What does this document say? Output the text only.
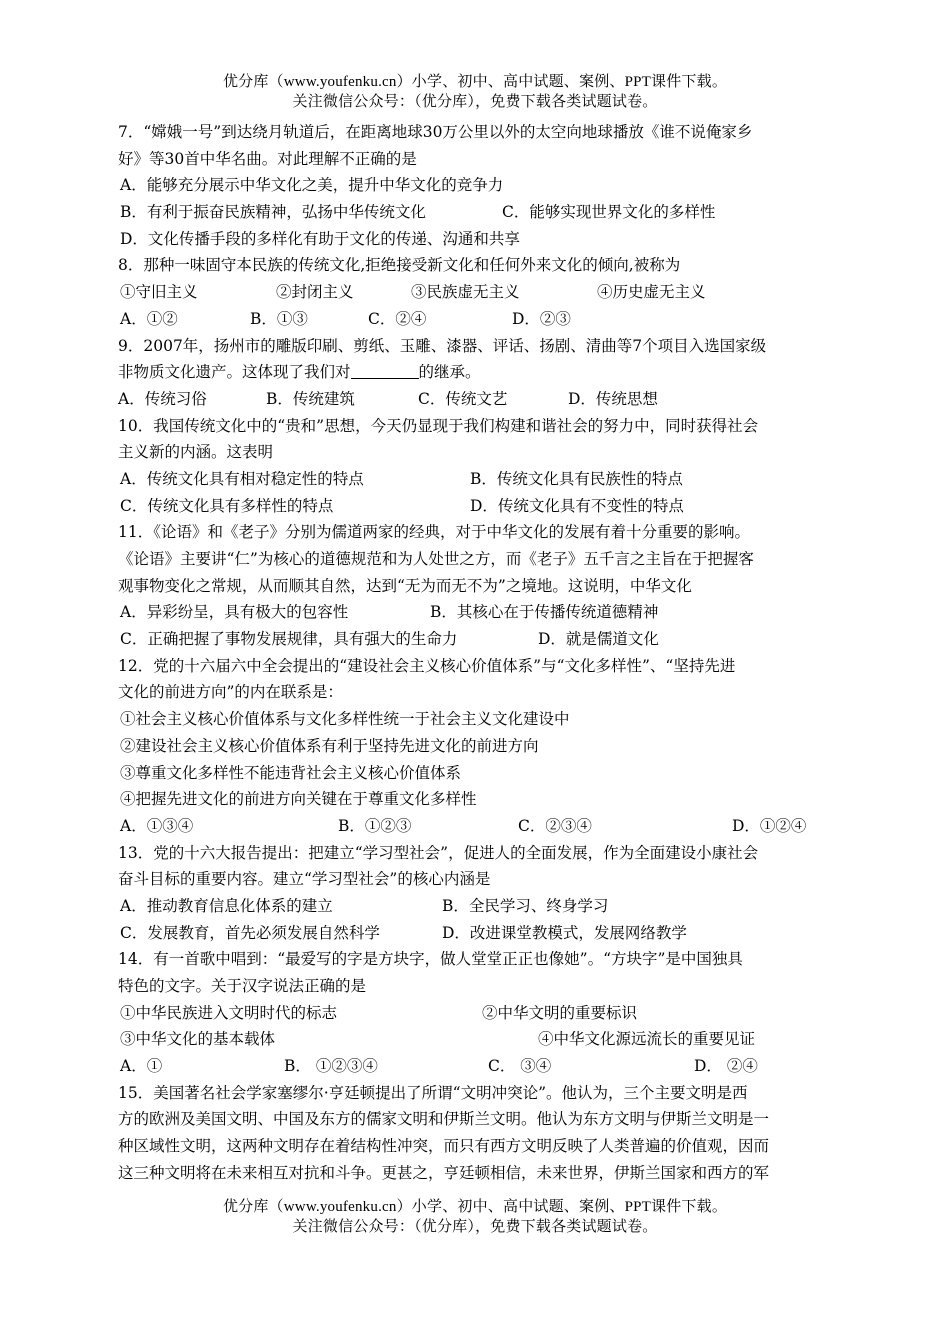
优分库（www.youfenku.cn）小学、初中、高中试题、案例、PPT课件下载。
关注微信公众号：（优分库），免费下载各类试题试卷。
7．“嫦娥一号”到达绕月轨道后，在距离地球30万公里以外的太空向地球播放《谁不说俺家乡
好》等30首中华名曲。对此理解不正确的是
A．能够充分展示中华文化之美，提升中华文化的竞争力
B．有利于振奋民族精神，弘扬中华传统文化	C．能够实现世界文化的多样性
D．文化传播手段的多样化有助于文化的传递、沟通和共享
8．那种一味固守本民族的传统文化,拒绝接受新文化和任何外来文化的倾向,被称为
①守旧主义	②封闭主义	③民族虚无主义	④历史虚无主义
A．①②	B．①③	C．②④	D．②③
9．2007年，扬州市的雕版印刷、剪纸、玉雕、漆器、评话、扬剧、清曲等7个项目入选国家级
非物质文化遗产。这体现了我们对	的继承。
A．传统习俗	B．传统建筑	C．传统文艺	D．传统思想
10．我国传统文化中的“贵和”思想，今天仍显现于我们构建和谐社会的努力中，同时获得社会
主义新的内涵。这表明
A．传统文化具有相对稳定性的特点	B．传统文化具有民族性的特点
C．传统文化具有多样性的特点	D．传统文化具有不变性的特点
11．《论语》和《老子》分别为儒道两家的经典，对于中华文化的发展有着十分重要的影响。
《论语》主要讲“仁”为核心的道德规范和为人处世之方，而《老子》五千言之主旨在于把握客
观事物变化之常规，从而顺其自然，达到“无为而无不为”之境地。这说明，中华文化
A．异彩纷呈，具有极大的包容性	B．其核心在于传播传统道德精神
C．正确把握了事物发展规律，具有强大的生命力	D．就是儒道文化
12．党的十六届六中全会提出的“建设社会主义核心价值体系”与“文化多样性”、“坚持先进
文化的前进方向”的内在联系是：
①社会主义核心价值体系与文化多样性统一于社会主义文化建设中
②建设社会主义核心价值体系有利于坚持先进文化的前进方向
③尊重文化多样性不能违背社会主义核心价值体系
④把握先进文化的前进方向关键在于尊重文化多样性
A．①③④	B．①②③	C．②③④	D．①②④
13．党的十六大报告提出：把建立“学习型社会”，促进人的全面发展，作为全面建设小康社会
奋斗目标的重要内容。建立“学习型社会”的核心内涵是
A．推动教育信息化体系的建立	B．全民学习、终身学习
C．发展教育，首先必须发展自然科学	D．改进课堂教模式，发展网络教学
14．有一首歌中唱到：“最爱写的字是方块字，做人堂堂正正也像她”。“方块字”是中国独具
特色的文字。关于汉字说法正确的是
①中华民族进入文明时代的标志	②中华文明的重要标识
③中华文化的基本载体	④中华文化源远流长的重要见证
A．①	B． ①②③④	C． ③④	D． ②④
15．美国著名社会学家塞缪尔·亨廷顿提出了所谓“文明冲突论”。他认为，三个主要文明是西
方的欧洲及美国文明、中国及东方的儒家文明和伊斯兰文明。他认为东方文明与伊斯兰文明是一
种区域性文明，这两种文明存在着结构性冲突，而只有西方文明反映了人类普遍的价值观，因而
这三种文明将在未来相互对抗和斗争。更甚之，亨廷顿相信，未来世界，伊斯兰国家和西方的军
优分库（www.youfenku.cn）小学、初中、高中试题、案例、PPT课件下载。
关注微信公众号：（优分库），免费下载各类试题试卷。
